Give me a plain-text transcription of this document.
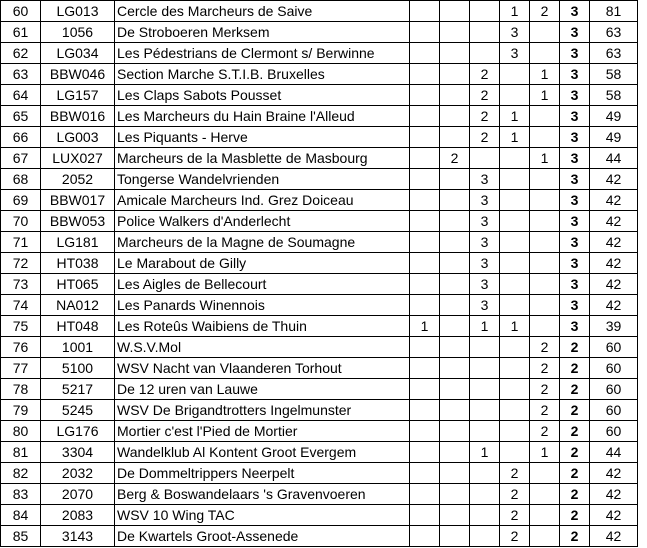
60	LG013	Cercle des Marcheurs de Saive				1	2	3	81
61	1056	De Stroboeren Merksem				3		3	63
62	LG034	Les Pédestrians de Clermont s/ Berwinne				3		3	63
63	BBW046	Section Marche S.T.I.B. Bruxelles			2		1	3	58
64	LG157	Les Claps Sabots Pousset			2		1	3	58
65	BBW016	Les Marcheurs du Hain Braine l'Alleud			2	1		3	49
66	LG003	Les Piquants - Herve			2	1		3	49
67	LUX027	Marcheurs de la Masblette de Masbourg		2			1	3	44
68	2052	Tongerse Wandelvrienden			3			3	42
69	BBW017	Amicale Marcheurs Ind. Grez Doiceau			3			3	42
70	BBW053	Police Walkers d'Anderlecht			3			3	42
71	LG181	Marcheurs de la Magne de Soumagne			3			3	42
72	HT038	Le Marabout de Gilly			3			3	42
73	HT065	Les Aigles de Bellecourt			3			3	42
74	NA012	Les Panards Winennois			3			3	42
75	HT048	Les Roteûs Waibiens de Thuin	1		1	1		3	39
76	1001	W.S.V.Mol					2	2	60
77	5100	WSV Nacht van Vlaanderen Torhout					2	2	60
78	5217	De 12 uren van Lauwe					2	2	60
79	5245	WSV De Brigandtrotters Ingelmunster					2	2	60
80	LG176	Mortier c'est l'Pied de Mortier					2	2	60
81	3304	Wandelklub Al Kontent Groot Evergem			1		1	2	44
82	2032	De Dommeltrippers Neerpelt				2		2	42
83	2070	Berg & Boswandelaars 's Gravenvoeren				2		2	42
84	2083	WSV 10 Wing TAC				2		2	42
85	3143	De Kwartels Groot-Assenede				2		2	42
